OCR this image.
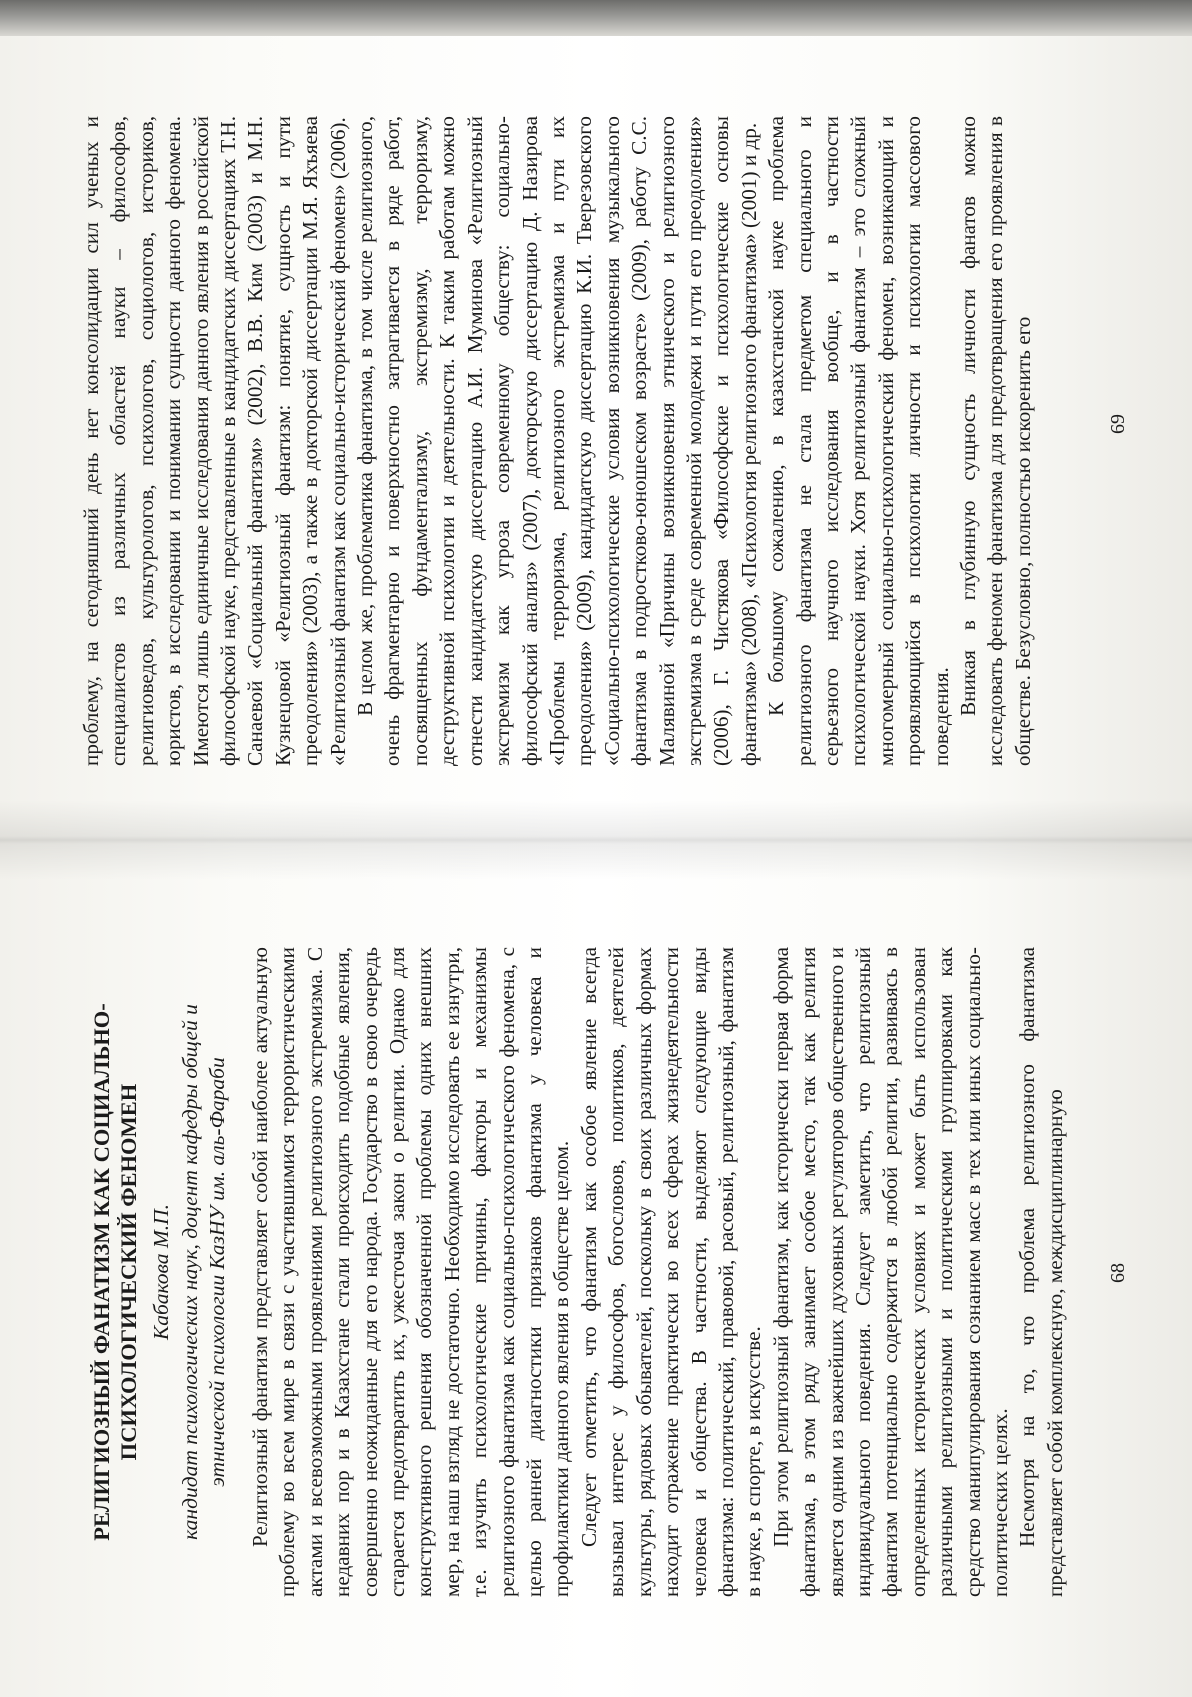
РЕЛИГИОЗНЫЙ ФАНАТИЗМ КАК СОЦИАЛЬНО-
ПСИХОЛОГИЧЕСКИЙ ФЕНОМЕН Кабакова М.П. кандидат психологических наук, доцент кафедры общей и этнической психологии КазНУ им. аль-Фараби Религиозный фанатизм представляет собой наиболее актуальную проблему во всем мире в связи с участившимися террористическими актами и всевозможными проявлениями религиозного экстремизма. С недавних пор и в Казахстане стали происходить подобные явления, совершенно неожиданные для его народа. Государство в свою очередь старается предотвратить их, ужесточая закон о религии. Однако для конструктивного решения обозначенной проблемы одних внешних мер, на наш взгляд не достаточно. Необходимо исследовать ее изнутри, т.е. изучить психологические причины, факторы и механизмы религиозного фанатизма как социально-психологического феномена, с целью ранней диагностики признаков фанатизма у человека и профилактики данного явления в обществе целом. Следует отметить, что фанатизм как особое явление всегда вызывал интерес у философов, богословов, политиков, деятелей культуры, рядовых обывателей, поскольку в своих различных формах находит отражение практически во всех сферах жизнедеятельности человека и общества. В частности, выделяют следующие виды фанатизма: политический, правовой, расовый, религиозный, фанатизм в науке, в спорте, в искусстве. При этом религиозный фанатизм, как исторически первая форма фанатизма, в этом ряду занимает особое место, так как религия является одним из важнейших духовных регуляторов общественного и индивидуального поведения. Следует заметить, что религиозный фанатизм потенциально содержится в любой религии, развиваясь в определенных исторических условиях и может быть использован различными религиозными и политическими группировками как средство манипулирования сознанием масс в тех или иных социально-политических целях. Несмотря на то, что проблема религиозного фанатизма представляет собой комплексную, междисциплинарную 68

проблему, на сегодняшний день нет консолидации сил ученых и специалистов из различных областей науки – философов, религиоведов, культурологов, психологов, социологов, историков, юристов, в исследовании и понимании сущности данного феномена. Имеются лишь единичные исследования данного явления в российской философской науке, представленные в кандидатских диссертациях Т.Н. Санаевой «Социальный фанатизм» (2002), В.В. Ким (2003) и М.Н. Кузнецовой «Религиозный фанатизм: понятие, сущность и пути преодоления» (2003), а также в докторской диссертации М.Я. Яхъяева «Религиозный фанатизм как социально-исторический феномен» (2006). В целом же, проблематика фанатизма, в том числе религиозного, очень фрагментарно и поверхностно затрагивается в ряде работ, посвященных фундаментализму, экстремизму, терроризму, деструктивной психологии и деятельности. К таким работам можно отнести кандидатскую диссертацию А.И. Муминова «Религиозный экстремизм как угроза современному обществу: социально-философский анализ» (2007), докторскую диссертацию Д. Назирова «Проблемы терроризма, религиозного экстремизма и пути их преодоления» (2009), кандидатскую диссертацию К.И. Тверезовского «Социально-психологические условия возникновения музыкального фанатизма в подростково-юношеском возрасте» (2009), работу С.С. Малявиной «Причины возникновения этнического и религиозного экстремизма в среде современной молодежи и пути его преодоления» (2006), Г. Чистякова «Философские и психологические основы фанатизма» (2008), «Психология религиозного фанатизма» (2001) и др. К большому сожалению, в казахстанской науке проблема религиозного фанатизма не стала предметом специального и серьезного научного исследования вообще, и в частности психологической науки. Хотя религиозный фанатизм – это сложный многомерный социально-психологический феномен, возникающий и проявляющийся в психологии личности и психологии массового поведения.

Вникая в глубинную сущность личности фанатов можно исследовать феномен фанатизма для предотвращения его проявления в обществе. Безусловно, полностью искоренить его	69
